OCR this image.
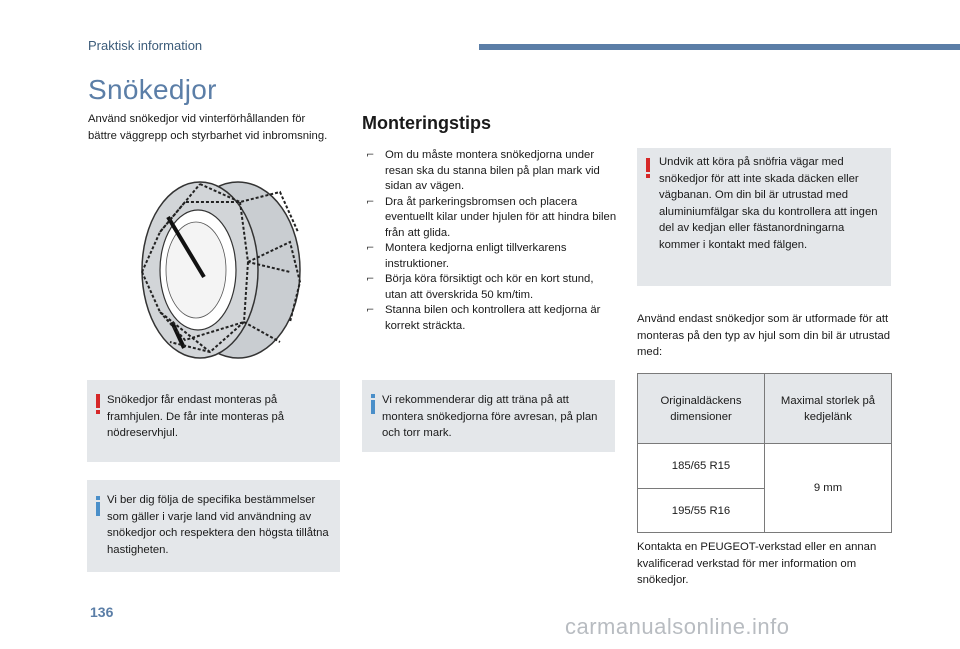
Praktisk information
Snökedjor
Använd snökedjor vid vinterförhållanden för bättre väggrepp och styrbarhet vid inbromsning.

Snökedjor får endast monteras på framhjulen. De får inte monteras på nödreservhjul.

Vi ber dig följa de specifika bestämmelser som gäller i varje land vid användning av snökedjor och respektera den högsta tillåtna hastigheten.

Monteringstips
⌐ Om du måste montera snökedjorna under resan ska du stanna bilen på plan mark vid sidan av vägen.
⌐ Dra åt parkeringsbromsen och placera eventuellt kilar under hjulen för att hindra bilen från att glida.
⌐ Montera kedjorna enligt tillverkarens instruktioner.
⌐ Börja köra försiktigt och kör en kort stund, utan att överskrida 50 km/tim.
⌐ Stanna bilen och kontrollera att kedjorna är korrekt sträckta.

Vi rekommenderar dig att träna på att montera snökedjorna före avresan, på plan och torr mark.

Undvik att köra på snöfria vägar med snökedjor för att inte skada däcken eller vägbanan. Om din bil är utrustad med aluminiumfälgar ska du kontrollera att ingen del av kedjan eller fästanordningarna kommer i kontakt med fälgen.

Använd endast snökedjor som är utformade för att monteras på den typ av hjul som din bil är utrustad med:
Originaldäckens dimensioner	Maximal storlek på kedjelänk
185/65 R15	9 mm
195/55 R16	
Kontakta en PEUGEOT-verkstad eller en annan kvalificerad verkstad för mer information om snökedjor.
136
carmanualsonline.info
